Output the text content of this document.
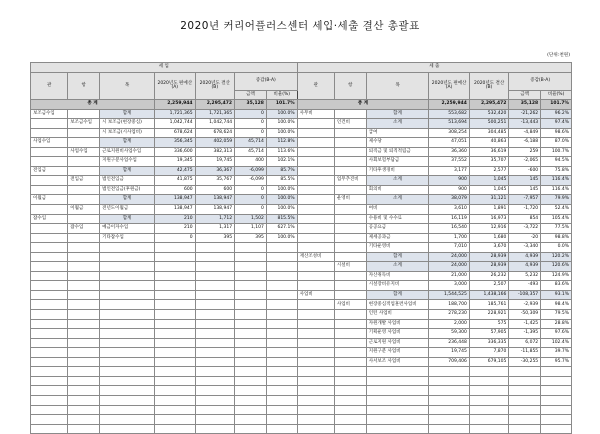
2020년 커리어플러스센터 세입·세출 결산 총괄표
(단위:천원)
세 입							세 출						
관	항	목	2020년도 편예산 (A)	2020년도 결산 (B)	증감(B-A)		관	항	목	2020년도 편예산 (A)	2020년도 결산 (B)	증감(B-A)	
					금액	비율(%)						금액	비율(%)
총 계			2,259,944	2,295,472	35,128	101.7%	총 계			2,259,944	2,295,472	35,128	101.7%
보조금수입		합계	1,721,365	1,721,365	0	100.0%	사무비		합계	553,682	532,420	-21,262	96.2%
	보조금수입	시 보조금(현장중심)	1,042,744	1,042,744	0	100.0%		인건비	소계	513,694	500,251	-13,443	97.4%
		시 보조금(시사업비)	678,624	678,624	0	100.0%			급여	308,254	304,485	-4,849	98.6%
사업수입		합계	356,345	402,059	45,714	112.8%			제수당	47,051	40,863	-6,188	87.0%
	사업수입	근로지원비사업수입	336,600	382,313	45,714	113.6%			퇴직금 및 퇴직적립금	36,360	36,619	259	100.7%
		지원구분사업수입	19,345	19,745	400	102.1%			사회보험부담금	37,552	35,707	-2,065	94.5%
전입금		합계	42,475	36,367	-6,099	85.7%			기타후생경비	3,177	2,577	-600	75.8%
	전입금	법인전입금	41,875	35,767	-6,099	85.5%		업무추진비	소계	900	1,045	145	116.4%
		법인전입금(후원금)	600	600	0	100.0%			회의비	900	1,045	145	116.4%
이월금		합계	138,947	138,947	0	100.0%		운영비	소계	38,079	31,121	-7,957	79.9%
	이월금	전년도이월금	138,947	138,947	0	100.0%			여비	3,610	1,891	-1,720	52.4%
잡수입		합계	210	1,712	1,502	815.5%			수용비 및 수수료	16,119	16,973	854	105.4%
	잡수입	예금이자수입	210	1,317	1,107	627.1%			공공요금	16,540	12,916	-3,722	77.5%
		기타잡수입	0	395	395	100.0%			제세공과금	1,700	1,680	-20	98.8%
									기타운영비	7,010	3,670	-3,340	0.0%
							재산조성비		합계	24,000	28,939	4,939	120.2%
								시설비	소계	24,000	28,939	4,939	120.6%
									자산취득비	21,000	26,232	5,232	124.9%
									시설장비유지비	3,000	2,507	-493	83.6%
							사업비		합계	1,544,525	1,438,166	-108,357	93.1%
								사업비	현장중심적업훈련사업비	188,700	185,761	-2,939	98.4%
									인턴 사업비	278,230	228,921	-50,309	79.5%
									자원개발 사업비	2,000	575	-1,425	28.8%
									기획운영 사업비	59,300	57,905	-1,395	97.6%
									근로지원 사업비	236,448	336,335	6,072	102.4%
									지원구분 사업비	19,745	7,870	-11,855	39.7%
									사서보조 사업비	709,406	679,105	-30,255	95.7%
